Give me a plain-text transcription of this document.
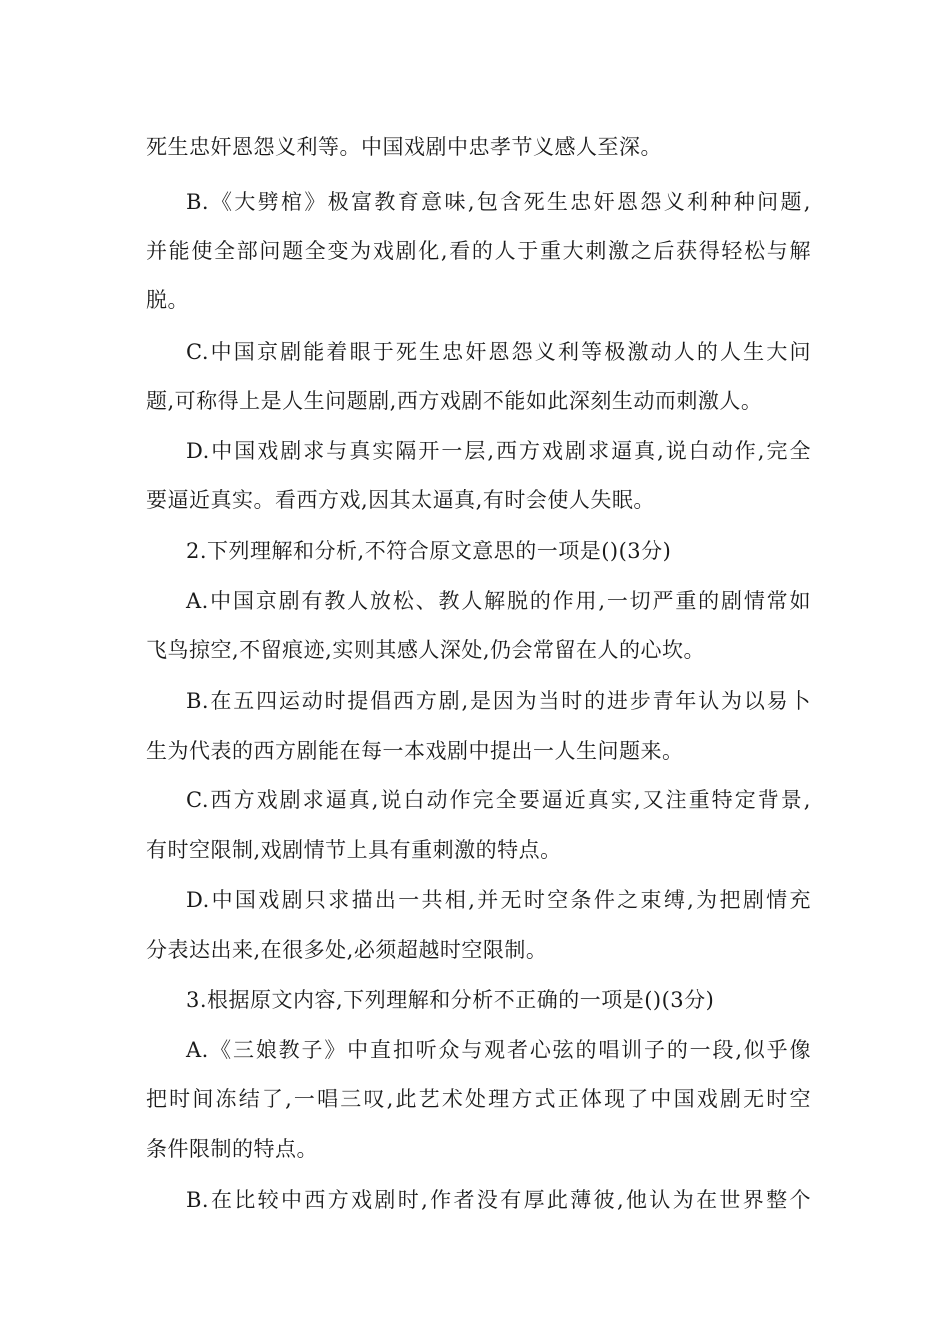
死生忠奸恩怨义利等。中国戏剧中忠孝节义感人至深。
B.《大劈棺》极富教育意味,包含死生忠奸恩怨义利种种问题,
并能使全部问题全变为戏剧化,看的人于重大刺激之后获得轻松与解
脱。
C.中国京剧能着眼于死生忠奸恩怨义利等极激动人的人生大问
题,可称得上是人生问题剧,西方戏剧不能如此深刻生动而刺激人。
D.中国戏剧求与真实隔开一层,西方戏剧求逼真,说白动作,完全
要逼近真实。看西方戏,因其太逼真,有时会使人失眠。
2.下列理解和分析,不符合原文意思的一项是()(3分)
A.中国京剧有教人放松、教人解脱的作用,一切严重的剧情常如
飞鸟掠空,不留痕迹,实则其感人深处,仍会常留在人的心坎。
B.在五四运动时提倡西方剧,是因为当时的进步青年认为以易卜
生为代表的西方剧能在每一本戏剧中提出一人生问题来。
C.西方戏剧求逼真,说白动作完全要逼近真实,又注重特定背景,
有时空限制,戏剧情节上具有重刺激的特点。
D.中国戏剧只求描出一共相,并无时空条件之束缚,为把剧情充
分表达出来,在很多处,必须超越时空限制。
3.根据原文内容,下列理解和分析不正确的一项是()(3分)
A.《三娘教子》中直扣听众与观者心弦的唱训子的一段,似乎像
把时间冻结了,一唱三叹,此艺术处理方式正体现了中国戏剧无时空
条件限制的特点。
B.在比较中西方戏剧时,作者没有厚此薄彼,他认为在世界整个
